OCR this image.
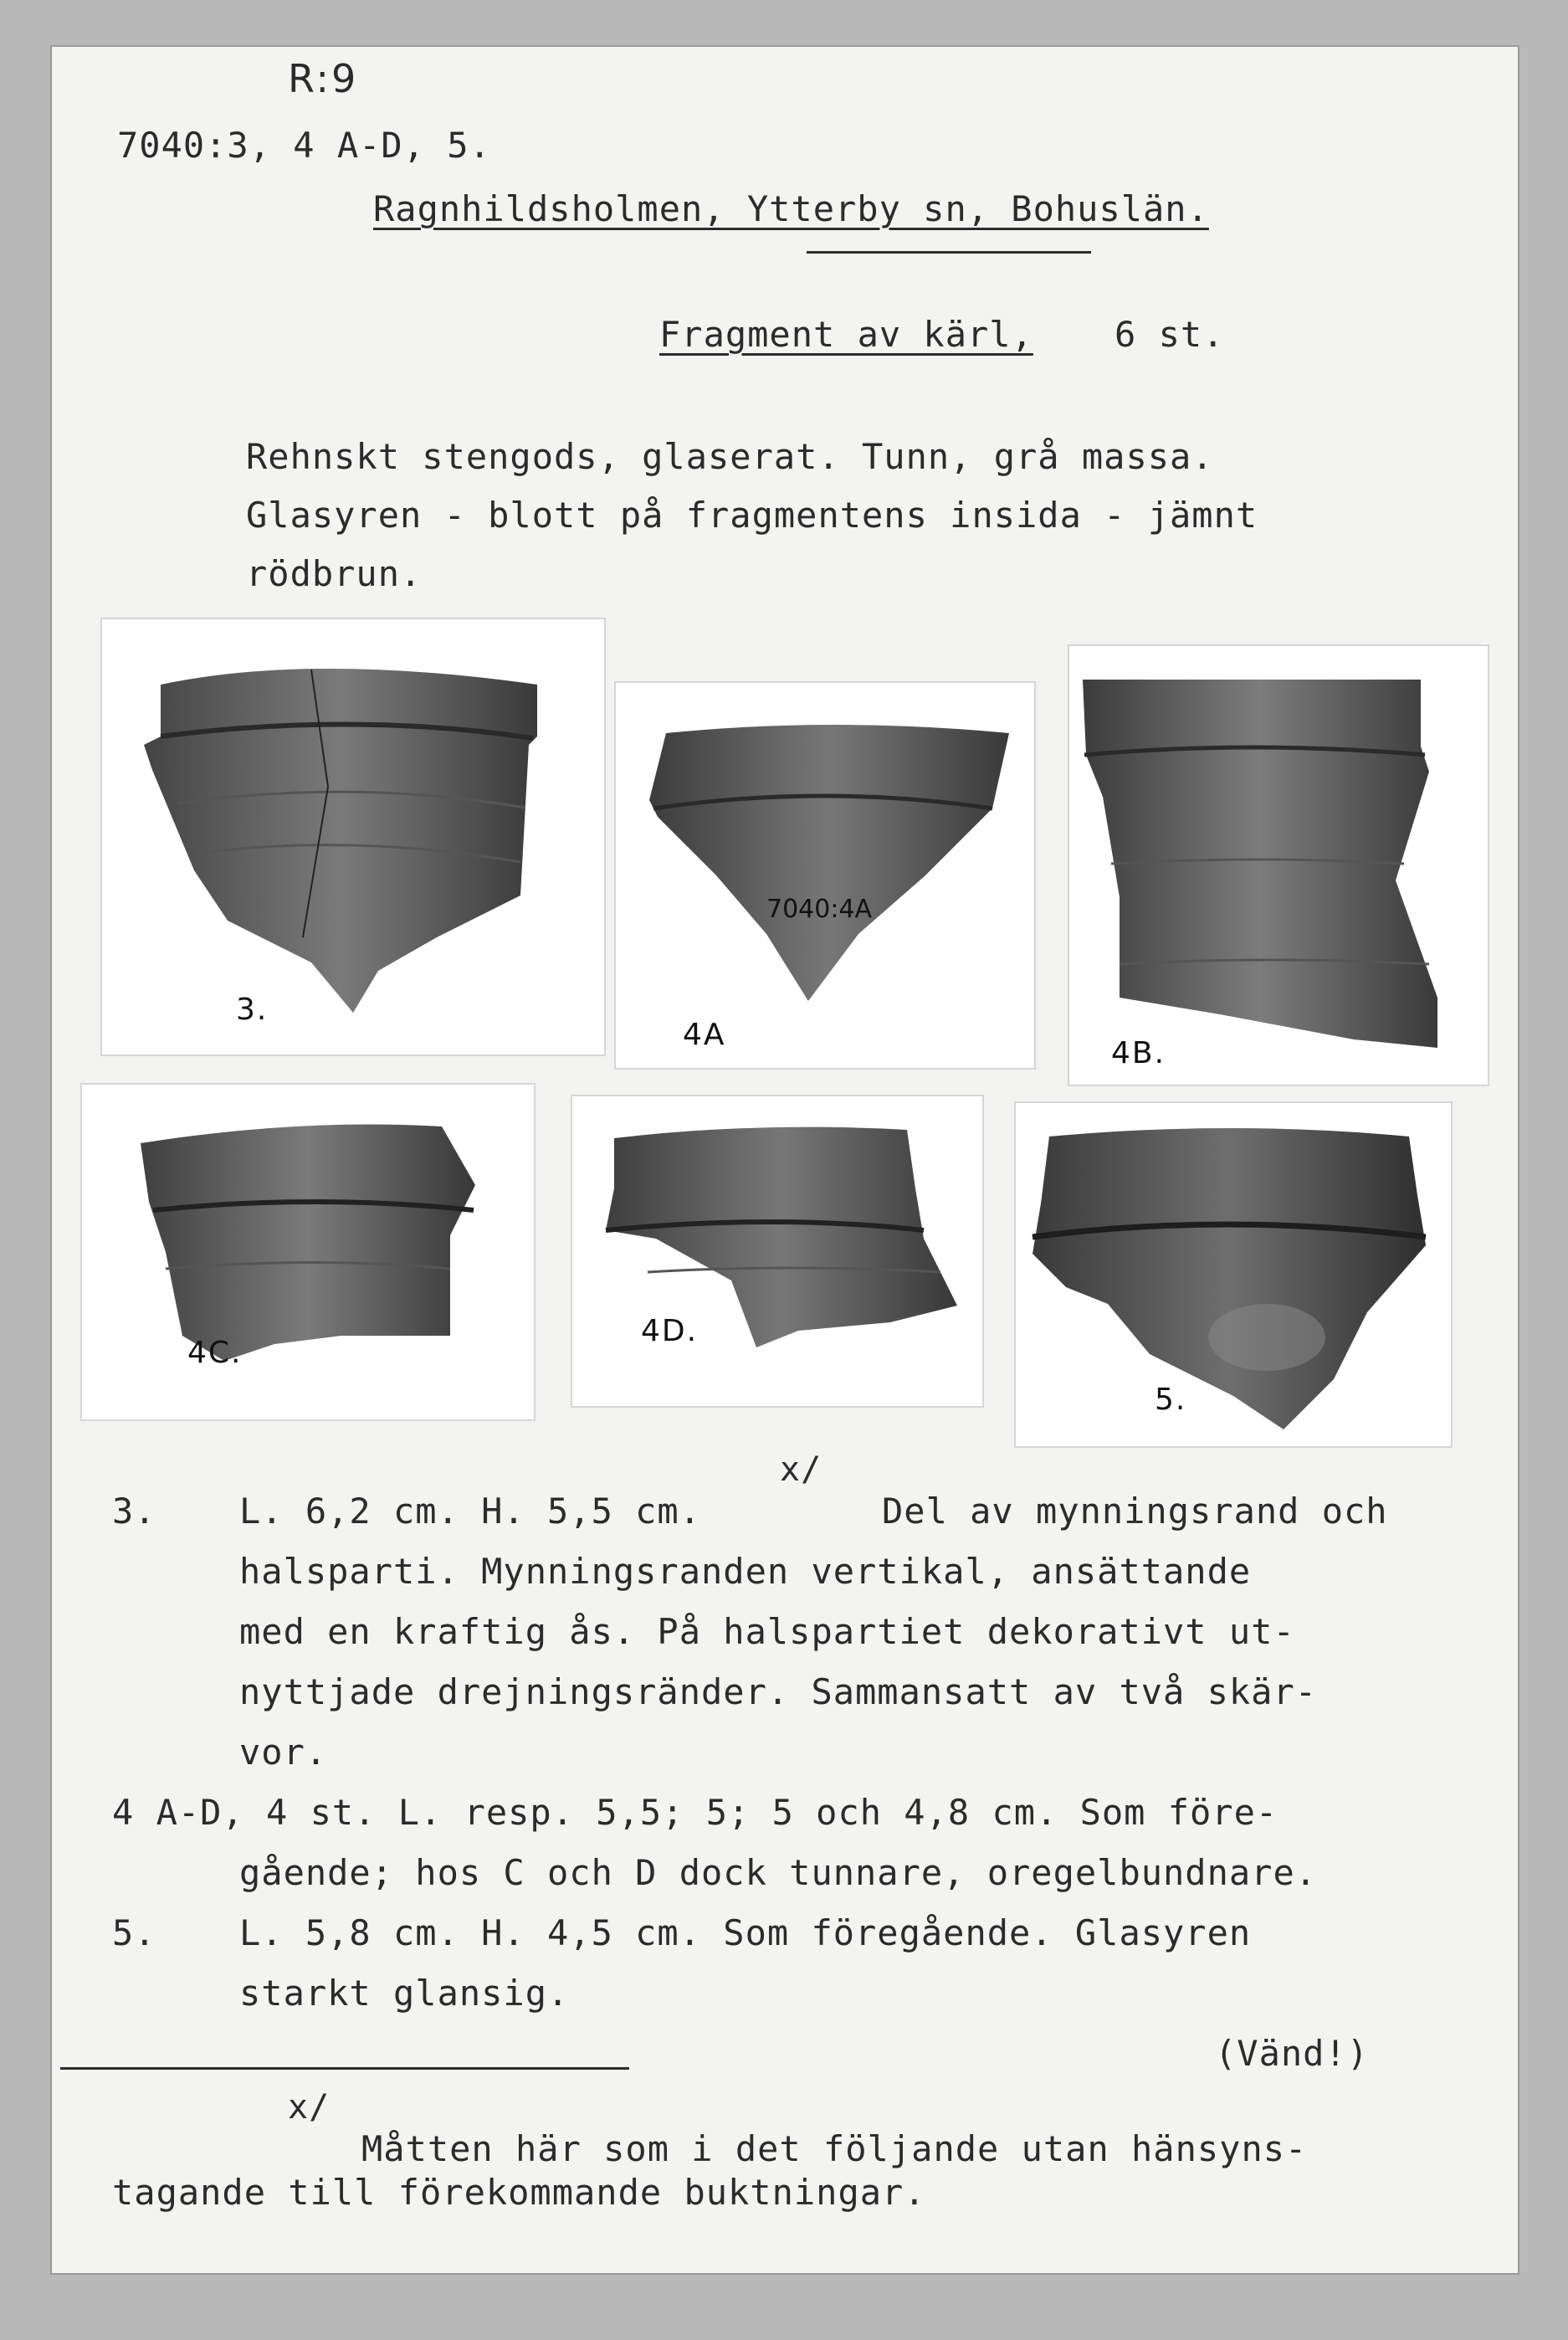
R:9
7040:3, 4 A-D, 5.
Ragnhildsholmen, Ytterby sn, Bohuslän.
Fragment av kärl, 6 st.
Rehnskt stengods, glaserat. Tunn, grå massa.
Glasyren - blott på fragmentens insida - jämnt
rödbrun.
3.
7040:4A
4A
4B.
4C.
4D.
5.
3. L. 6,2 cm. H. 5,5 cm.
x/
Del av mynningsrand och
halsparti. Mynningsranden vertikal, ansättande
med en kraftig ås. På halspartiet dekorativt ut-
nyttjade drejningsränder. Sammansatt av två skär-
vor.
4 A-D, 4 st. L. resp. 5,5; 5; 5 och 4,8 cm. Som före-
gående; hos C och D dock tunnare, oregelbundnare.
5. L. 5,8 cm. H. 4,5 cm. Som föregående. Glasyren
starkt glansig.
(Vänd!)
x/
Måtten här som i det följande utan hänsyns-
tagande till förekommande buktningar.
